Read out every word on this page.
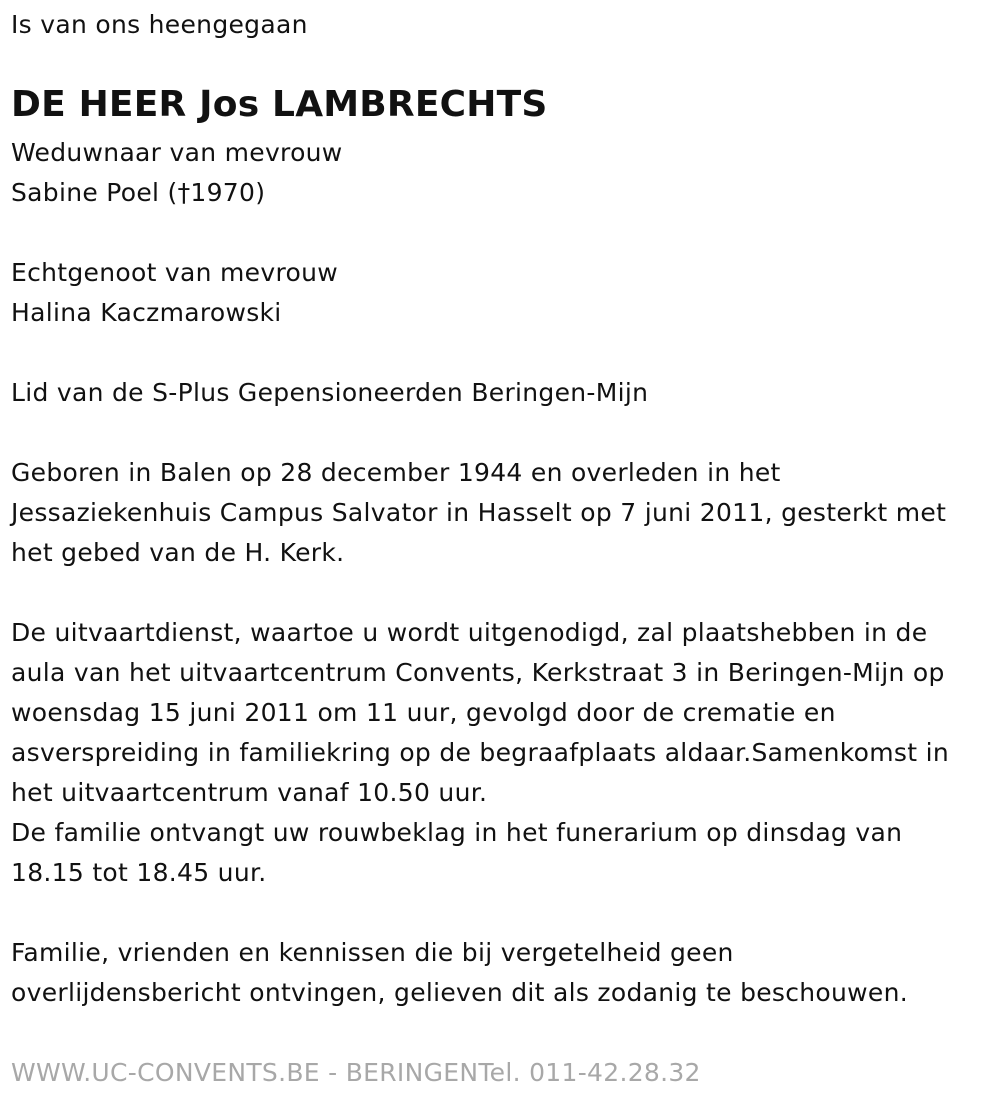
Is van ons heengegaan
DE HEER Jos LAMBRECHTS
Weduwnaar van mevrouw
Sabine Poel (†1970)
Echtgenoot van mevrouw
Halina Kaczmarowski
Lid van de S-Plus Gepensioneerden Beringen-Mijn
Geboren in Balen op 28 december 1944 en overleden in het
Jessaziekenhuis Campus Salvator in Hasselt op 7 juni 2011, gesterkt met
het gebed van de H. Kerk.
De uitvaartdienst, waartoe u wordt uitgenodigd, zal plaatshebben in de
aula van het uitvaartcentrum Convents, Kerkstraat 3 in Beringen-Mijn op
woensdag 15 juni 2011 om 11 uur, gevolgd door de crematie en
asverspreiding in familiekring op de begraafplaats aldaar.Samenkomst in
het uitvaartcentrum vanaf 10.50 uur.
De familie ontvangt uw rouwbeklag in het funerarium op dinsdag van
18.15 tot 18.45 uur.
Familie, vrienden en kennissen die bij vergetelheid geen
overlijdensbericht ontvingen, gelieven dit als zodanig te beschouwen.
WWW.UC-CONVENTS.BE - BERINGENTel. 011-42.28.32
